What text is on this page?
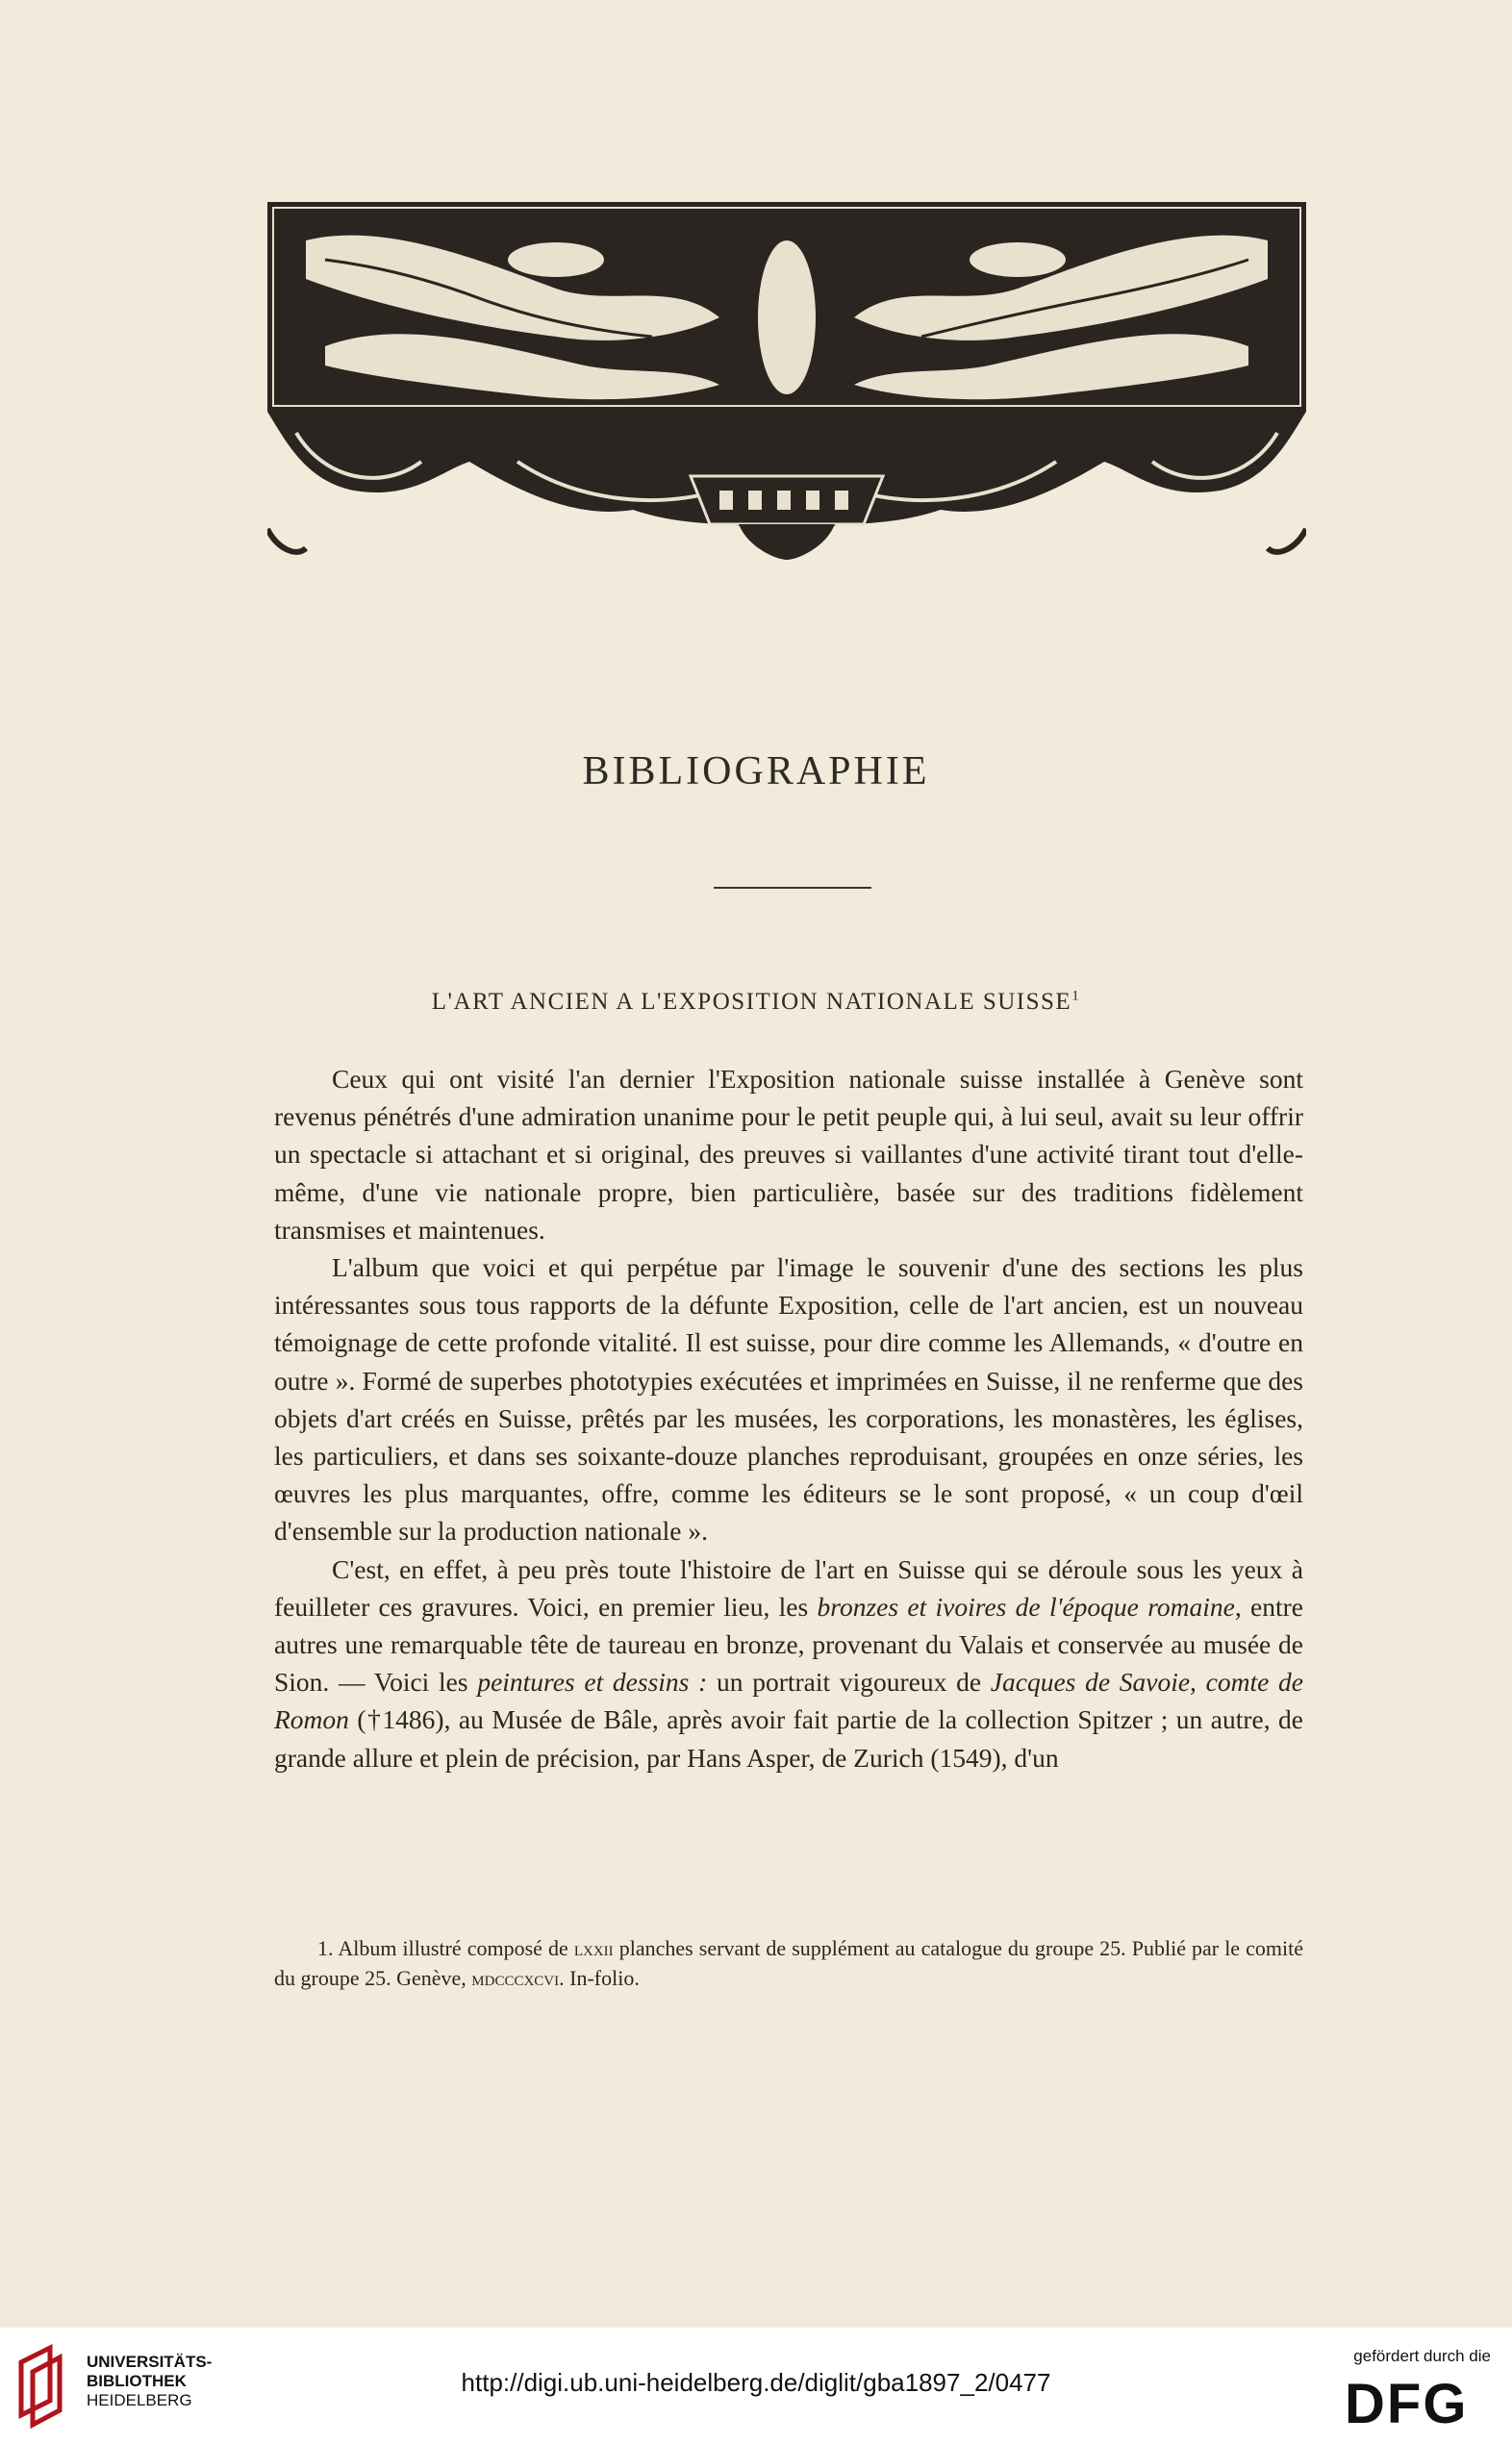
BIBLIOGRAPHIE
L'ART ANCIEN A L'EXPOSITION NATIONALE SUISSE$^1$

Ceux qui ont visité l'an dernier l'Exposition nationale suisse installée à Genève sont revenus pénétrés d'une admiration unanime pour le petit peuple qui, à lui seul, avait su leur offrir un spectacle si attachant et si original, des preuves si vaillantes d'une activité tirant tout d'elle-même, d'une vie nationale propre, bien particulière, basée sur des traditions fidèlement transmises et maintenues.

L'album que voici et qui perpétue par l'image le souvenir d'une des sections les plus intéressantes sous tous rapports de la défunte Exposition, celle de l'art ancien, est un nouveau témoignage de cette profonde vitalité. Il est suisse, pour dire comme les Allemands, « d'outre en outre ». Formé de superbes phototypies exécutées et imprimées en Suisse, il ne renferme que des objets d'art créés en Suisse, prêtés par les musées, les corporations, les monastères, les églises, les particuliers, et dans ses soixante-douze planches reproduisant, groupées en onze séries, les œuvres les plus marquantes, offre, comme les éditeurs se le sont proposé, « un coup d'œil d'ensemble sur la production nationale ».

C'est, en effet, à peu près toute l'histoire de l'art en Suisse qui se déroule sous les yeux à feuilleter ces gravures. Voici, en premier lieu, les bronzes et ivoires de l'époque romaine, entre autres une remarquable tête de taureau en bronze, provenant du Valais et conservée au musée de Sion. — Voici les peintures et dessins : un portrait vigoureux de Jacques de Savoie, comte de Romon (†1486), au Musée de Bâle, après avoir fait partie de la collection Spitzer ; un autre, de grande allure et plein de précision, par Hans Asper, de Zurich (1549), d'un

1. Album illustré composé de lxxii planches servant de supplément au catalogue du groupe 25. Publié par le comité du groupe 25. Genève, mdcccxcvi. In-folio.
UNIVERSITÄTS-
BIBLIOTHEK
HEIDELBERG
http://digi.ub.uni-heidelberg.de/diglit/gba1897_2/0477
gefördert durch die
DFG
